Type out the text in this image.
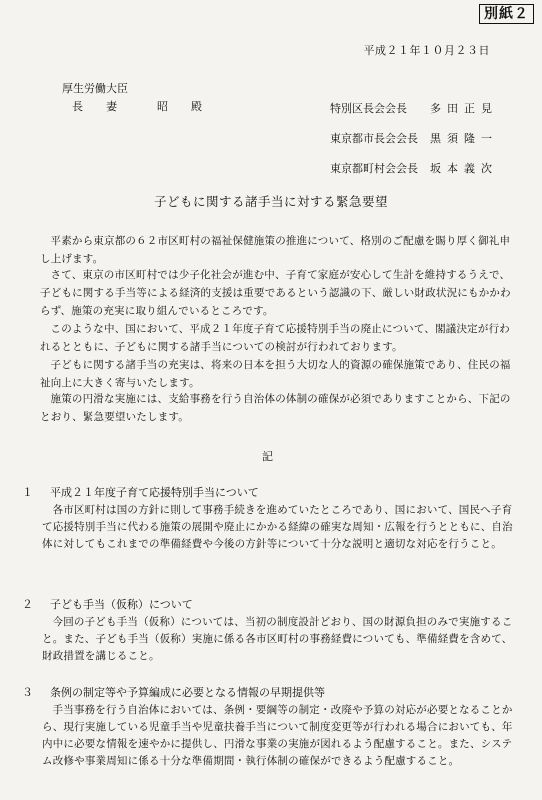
別紙２
平成２１年１０月２３日
厚生労働大臣
長　妻　　昭　殿	特別区長会会長 多田正見
東京都市長会会長 黒須隆一
東京都町村会会長 坂本義次
子どもに関する諸手当に対する緊急要望
平素から東京都の６２市区町村の福祉保健施策の推進について、格別のご配慮を賜り厚く御礼申し上げます。
さて、東京の市区町村では少子化社会が進む中、子育て家庭が安心して生計を維持するうえで、子どもに関する手当等による経済的支援は重要であるという認識の下、厳しい財政状況にもかかわらず、施策の充実に取り組んでいるところです。
このような中、国において、平成２１年度子育て応援特別手当の廃止について、閣議決定が行われるとともに、子どもに関する諸手当についての検討が行われております。
子どもに関する諸手当の充実は、将来の日本を担う大切な人的資源の確保施策であり、住民の福祉向上に大きく寄与いたします。
施策の円滑な実施には、支給事務を行う自治体の体制の確保が必須でありますことから、下記のとおり、緊急要望いたします。
記
１ 平成２１年度子育て応援特別手当について
各市区町村は国の方針に則して事務手続きを進めていたところであり、国において、国民へ子育て応援特別手当に代わる施策の展開や廃止にかかる経緯の確実な周知・広報を行うとともに、自治体に対してもこれまでの準備経費や今後の方針等について十分な説明と適切な対応を行うこと。
２ 子ども手当（仮称）について
今回の子ども手当（仮称）については、当初の制度設計どおり、国の財源負担のみで実施すること。また、子ども手当（仮称）実施に係る各市区町村の事務経費についても、準備経費を含めて、財政措置を講じること。
３ 条例の制定等や予算編成に必要となる情報の早期提供等
手当事務を行う自治体においては、条例・要綱等の制定・改廃や予算の対応が必要となることから、現行実施している児童手当や児童扶養手当について制度変更等が行われる場合においても、年内中に必要な情報を速やかに提供し、円滑な事業の実施が図れるよう配慮すること。また、システム改修や事業周知に係る十分な準備期間・執行体制の確保ができるよう配慮すること。
